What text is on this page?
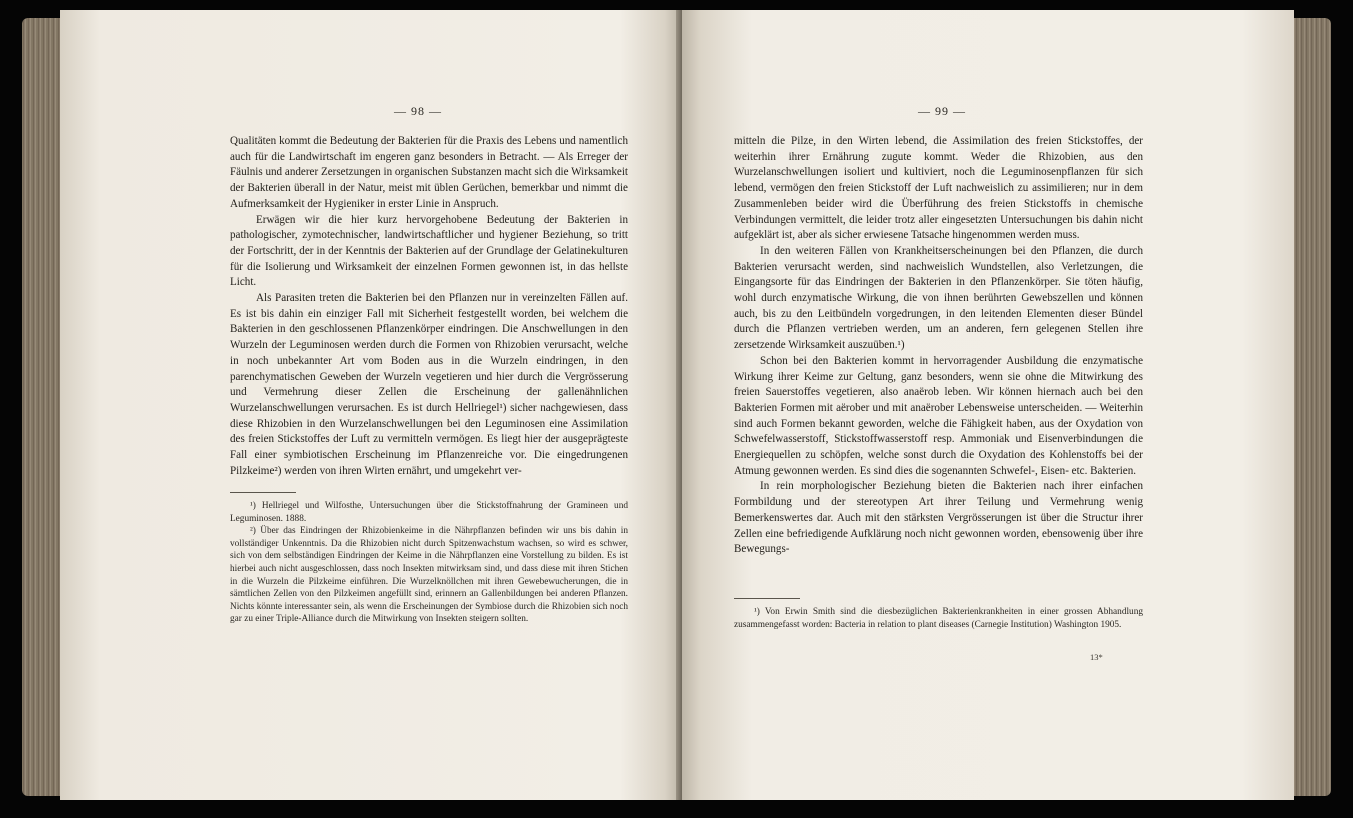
— 98 —

Qualitäten kommt die Bedeutung der Bakterien für die Praxis des Lebens und namentlich auch für die Landwirtschaft im engeren ganz besonders in Betracht. — Als Erreger der Fäulnis und anderer Zersetzungen in organischen Substanzen macht sich die Wirksamkeit der Bakterien überall in der Natur, meist mit üblen Gerüchen, bemerkbar und nimmt die Aufmerksamkeit der Hygieniker in erster Linie in Anspruch.

Erwägen wir die hier kurz hervorgehobene Bedeutung der Bakterien in pathologischer, zymotechnischer, landwirtschaftlicher und hygiener Beziehung, so tritt der Fortschritt, der in der Kenntnis der Bakterien auf der Grundlage der Gelatinekulturen für die Isolierung und Wirksamkeit der einzelnen Formen gewonnen ist, in das hellste Licht.

Als Parasiten treten die Bakterien bei den Pflanzen nur in vereinzelten Fällen auf. Es ist bis dahin ein einziger Fall mit Sicherheit festgestellt worden, bei welchem die Bakterien in den geschlossenen Pflanzenkörper eindringen. Die Anschwellungen in den Wurzeln der Leguminosen werden durch die Formen von Rhizobien verursacht, welche in noch unbekannter Art vom Boden aus in die Wurzeln eindringen, in den parenchymatischen Geweben der Wurzeln vegetieren und hier durch die Vergrösserung und Vermehrung dieser Zellen die Erscheinung der gallenähnlichen Wurzelanschwellungen verursachen. Es ist durch Hellriegel¹) sicher nachgewiesen, dass diese Rhizobien in den Wurzelanschwellungen bei den Leguminosen eine Assimilation des freien Stickstoffes der Luft zu vermitteln vermögen. Es liegt hier der ausgeprägteste Fall einer symbiotischen Erscheinung im Pflanzenreiche vor. Die eingedrungenen Pilzkeime²) werden von ihren Wirten ernährt, und umgekehrt ver-

¹) Hellriegel und Wilfosthe, Untersuchungen über die Stickstoffnahrung der Gramineen und Leguminosen. 1888.

²) Über das Eindringen der Rhizobienkeime in die Nährpflanzen befinden wir uns bis dahin in vollständiger Unkenntnis. Da die Rhizobien nicht durch Spitzenwachstum wachsen, so wird es schwer, sich von dem selbständigen Eindringen der Keime in die Nährpflanzen eine Vorstellung zu bilden. Es ist hierbei auch nicht ausgeschlossen, dass noch Insekten mitwirksam sind, und dass diese mit ihren Stichen in die Wurzeln die Pilzkeime einführen. Die Wurzelknöllchen mit ihren Gewebewucherungen, die in sämtlichen Zellen von den Pilzkeimen angefüllt sind, erinnern an Gallenbildungen bei anderen Pflanzen. Nichts könnte interessanter sein, als wenn die Erscheinungen der Symbiose durch die Rhizobien sich noch gar zu einer Triple-Alliance durch die Mitwirkung von Insekten steigern sollten.

— 99 —

mitteln die Pilze, in den Wirten lebend, die Assimilation des freien Stickstoffes, der weiterhin ihrer Ernährung zugute kommt. Weder die Rhizobien, aus den Wurzelanschwellungen isoliert und kultiviert, noch die Leguminosenpflanzen für sich lebend, vermögen den freien Stickstoff der Luft nachweislich zu assimilieren; nur in dem Zusammenleben beider wird die Überführung des freien Stickstoffs in chemische Verbindungen vermittelt, die leider trotz aller eingesetzten Untersuchungen bis dahin nicht aufgeklärt ist, aber als sicher erwiesene Tatsache hingenommen werden muss.

In den weiteren Fällen von Krankheitserscheinungen bei den Pflanzen, die durch Bakterien verursacht werden, sind nachweislich Wundstellen, also Verletzungen, die Eingangsorte für das Eindringen der Bakterien in den Pflanzenkörper. Sie töten häufig, wohl durch enzymatische Wirkung, die von ihnen berührten Gewebszellen und können auch, bis zu den Leitbündeln vorgedrungen, in den leitenden Elementen dieser Bündel durch die Pflanzen vertrieben werden, um an anderen, fern gelegenen Stellen ihre zersetzende Wirksamkeit auszuüben.¹)

Schon bei den Bakterien kommt in hervorragender Ausbildung die enzymatische Wirkung ihrer Keime zur Geltung, ganz besonders, wenn sie ohne die Mitwirkung des freien Sauerstoffes vegetieren, also anaërob leben. Wir können hiernach auch bei den Bakterien Formen mit aërober und mit anaërober Lebensweise unterscheiden. — Weiterhin sind auch Formen bekannt geworden, welche die Fähigkeit haben, aus der Oxydation von Schwefelwasserstoff, Stickstoffwasserstoff resp. Ammoniak und Eisenverbindungen die Energiequellen zu schöpfen, welche sonst durch die Oxydation des Kohlenstoffs bei der Atmung gewonnen werden. Es sind dies die sogenannten Schwefel-, Eisen- etc. Bakterien.

In rein morphologischer Beziehung bieten die Bakterien nach ihrer einfachen Formbildung und der stereotypen Art ihrer Teilung und Vermehrung wenig Bemerkenswertes dar. Auch mit den stärksten Vergrösserungen ist über die Structur ihrer Zellen eine befriedigende Aufklärung noch nicht gewonnen worden, ebensowenig über ihre Bewegungs-

¹) Von Erwin Smith sind die diesbezüglichen Bakterienkrankheiten in einer grossen Abhandlung zusammengefasst worden: Bacteria in relation to plant diseases (Carnegie Institution) Washington 1905.

13*
